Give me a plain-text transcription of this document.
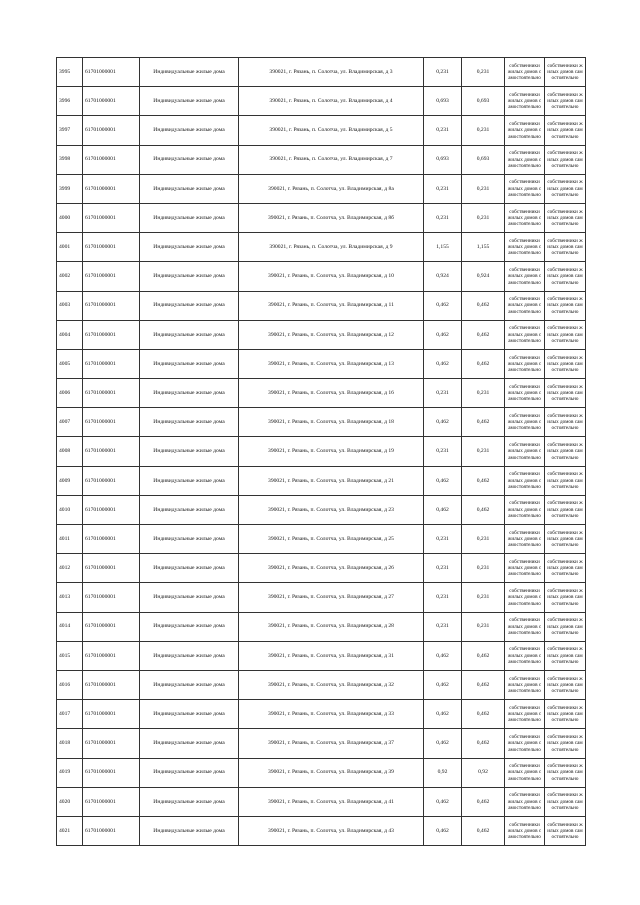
3995	61701000001	Индивидуальные жилые дома	390021, г. Рязань, п. Солотча, ул. Владимирская, д 3	0,231	0,231	собственники жилых домов самостоятельно	собственники жилых домов самостоятельно
3996	61701000001	Индивидуальные жилые дома	390021, г. Рязань, п. Солотча, ул. Владимирская, д 4	0,693	0,693	собственники жилых домов самостоятельно	собственники жилых домов самостоятельно
3997	61701000001	Индивидуальные жилые дома	390021, г. Рязань, п. Солотча, ул. Владимирская, д 5	0,231	0,231	собственники жилых домов самостоятельно	собственники жилых домов самостоятельно
3998	61701000001	Индивидуальные жилые дома	390021, г. Рязань, п. Солотча, ул. Владимирская, д 7	0,693	0,693	собственники жилых домов самостоятельно	собственники жилых домов самостоятельно
3999	61701000001	Индивидуальные жилые дома	390021, г. Рязань, п. Солотча, ул. Владимирская, д 8а	0,231	0,231	собственники жилых домов самостоятельно	собственники жилых домов самостоятельно
4000	61701000001	Индивидуальные жилые дома	390021, г. Рязань, п. Солотча, ул. Владимирская, д 8б	0,231	0,231	собственники жилых домов самостоятельно	собственники жилых домов самостоятельно
4001	61701000001	Индивидуальные жилые дома	390021, г. Рязань, п. Солотча, ул. Владимирская, д 9	1,155	1,155	собственники жилых домов самостоятельно	собственники жилых домов самостоятельно
4002	61701000001	Индивидуальные жилые дома	390021, г. Рязань, п. Солотча, ул. Владимирская, д 10	0,924	0,924	собственники жилых домов самостоятельно	собственники жилых домов самостоятельно
4003	61701000001	Индивидуальные жилые дома	390021, г. Рязань, п. Солотча, ул. Владимирская, д 11	0,462	0,462	собственники жилых домов самостоятельно	собственники жилых домов самостоятельно
4004	61701000001	Индивидуальные жилые дома	390021, г. Рязань, п. Солотча, ул. Владимирская, д 12	0,462	0,462	собственники жилых домов самостоятельно	собственники жилых домов самостоятельно
4005	61701000001	Индивидуальные жилые дома	390021, г. Рязань, п. Солотча, ул. Владимирская, д 13	0,462	0,462	собственники жилых домов самостоятельно	собственники жилых домов самостоятельно
4006	61701000001	Индивидуальные жилые дома	390021, г. Рязань, п. Солотча, ул. Владимирская, д 16	0,231	0,231	собственники жилых домов самостоятельно	собственники жилых домов самостоятельно
4007	61701000001	Индивидуальные жилые дома	390021, г. Рязань, п. Солотча, ул. Владимирская, д 18	0,462	0,462	собственники жилых домов самостоятельно	собственники жилых домов самостоятельно
4008	61701000001	Индивидуальные жилые дома	390021, г. Рязань, п. Солотча, ул. Владимирская, д 19	0,231	0,231	собственники жилых домов самостоятельно	собственники жилых домов самостоятельно
4009	61701000001	Индивидуальные жилые дома	390021, г. Рязань, п. Солотча, ул. Владимирская, д 21	0,462	0,462	собственники жилых домов самостоятельно	собственники жилых домов самостоятельно
4010	61701000001	Индивидуальные жилые дома	390021, г. Рязань, п. Солотча, ул. Владимирская, д 23	0,462	0,462	собственники жилых домов самостоятельно	собственники жилых домов самостоятельно
4011	61701000001	Индивидуальные жилые дома	390021, г. Рязань, п. Солотча, ул. Владимирская, д 25	0,231	0,231	собственники жилых домов самостоятельно	собственники жилых домов самостоятельно
4012	61701000001	Индивидуальные жилые дома	390021, г. Рязань, п. Солотча, ул. Владимирская, д 26	0,231	0,231	собственники жилых домов самостоятельно	собственники жилых домов самостоятельно
4013	61701000001	Индивидуальные жилые дома	390021, г. Рязань, п. Солотча, ул. Владимирская, д 27	0,231	0,231	собственники жилых домов самостоятельно	собственники жилых домов самостоятельно
4014	61701000001	Индивидуальные жилые дома	390021, г. Рязань, п. Солотча, ул. Владимирская, д 28	0,231	0,231	собственники жилых домов самостоятельно	собственники жилых домов самостоятельно
4015	61701000001	Индивидуальные жилые дома	390021, г. Рязань, п. Солотча, ул. Владимирская, д 31	0,462	0,462	собственники жилых домов самостоятельно	собственники жилых домов самостоятельно
4016	61701000001	Индивидуальные жилые дома	390021, г. Рязань, п. Солотча, ул. Владимирская, д 32	0,462	0,462	собственники жилых домов самостоятельно	собственники жилых домов самостоятельно
4017	61701000001	Индивидуальные жилые дома	390021, г. Рязань, п. Солотча, ул. Владимирская, д 33	0,462	0,462	собственники жилых домов самостоятельно	собственники жилых домов самостоятельно
4018	61701000001	Индивидуальные жилые дома	390021, г. Рязань, п. Солотча, ул. Владимирская, д 37	0,462	0,462	собственники жилых домов самостоятельно	собственники жилых домов самостоятельно
4019	61701000001	Индивидуальные жилые дома	390021, г. Рязань, п. Солотча, ул. Владимирская, д 39	0,92	0,92	собственники жилых домов самостоятельно	собственники жилых домов самостоятельно
4020	61701000001	Индивидуальные жилые дома	390021, г. Рязань, п. Солотча, ул. Владимирская, д 41	0,462	0,462	собственники жилых домов самостоятельно	собственники жилых домов самостоятельно
4021	61701000001	Индивидуальные жилые дома	390021, г. Рязань, п. Солотча, ул. Владимирская, д 43	0,462	0,462	собственники жилых домов самостоятельно	собственники жилых домов самостоятельно
